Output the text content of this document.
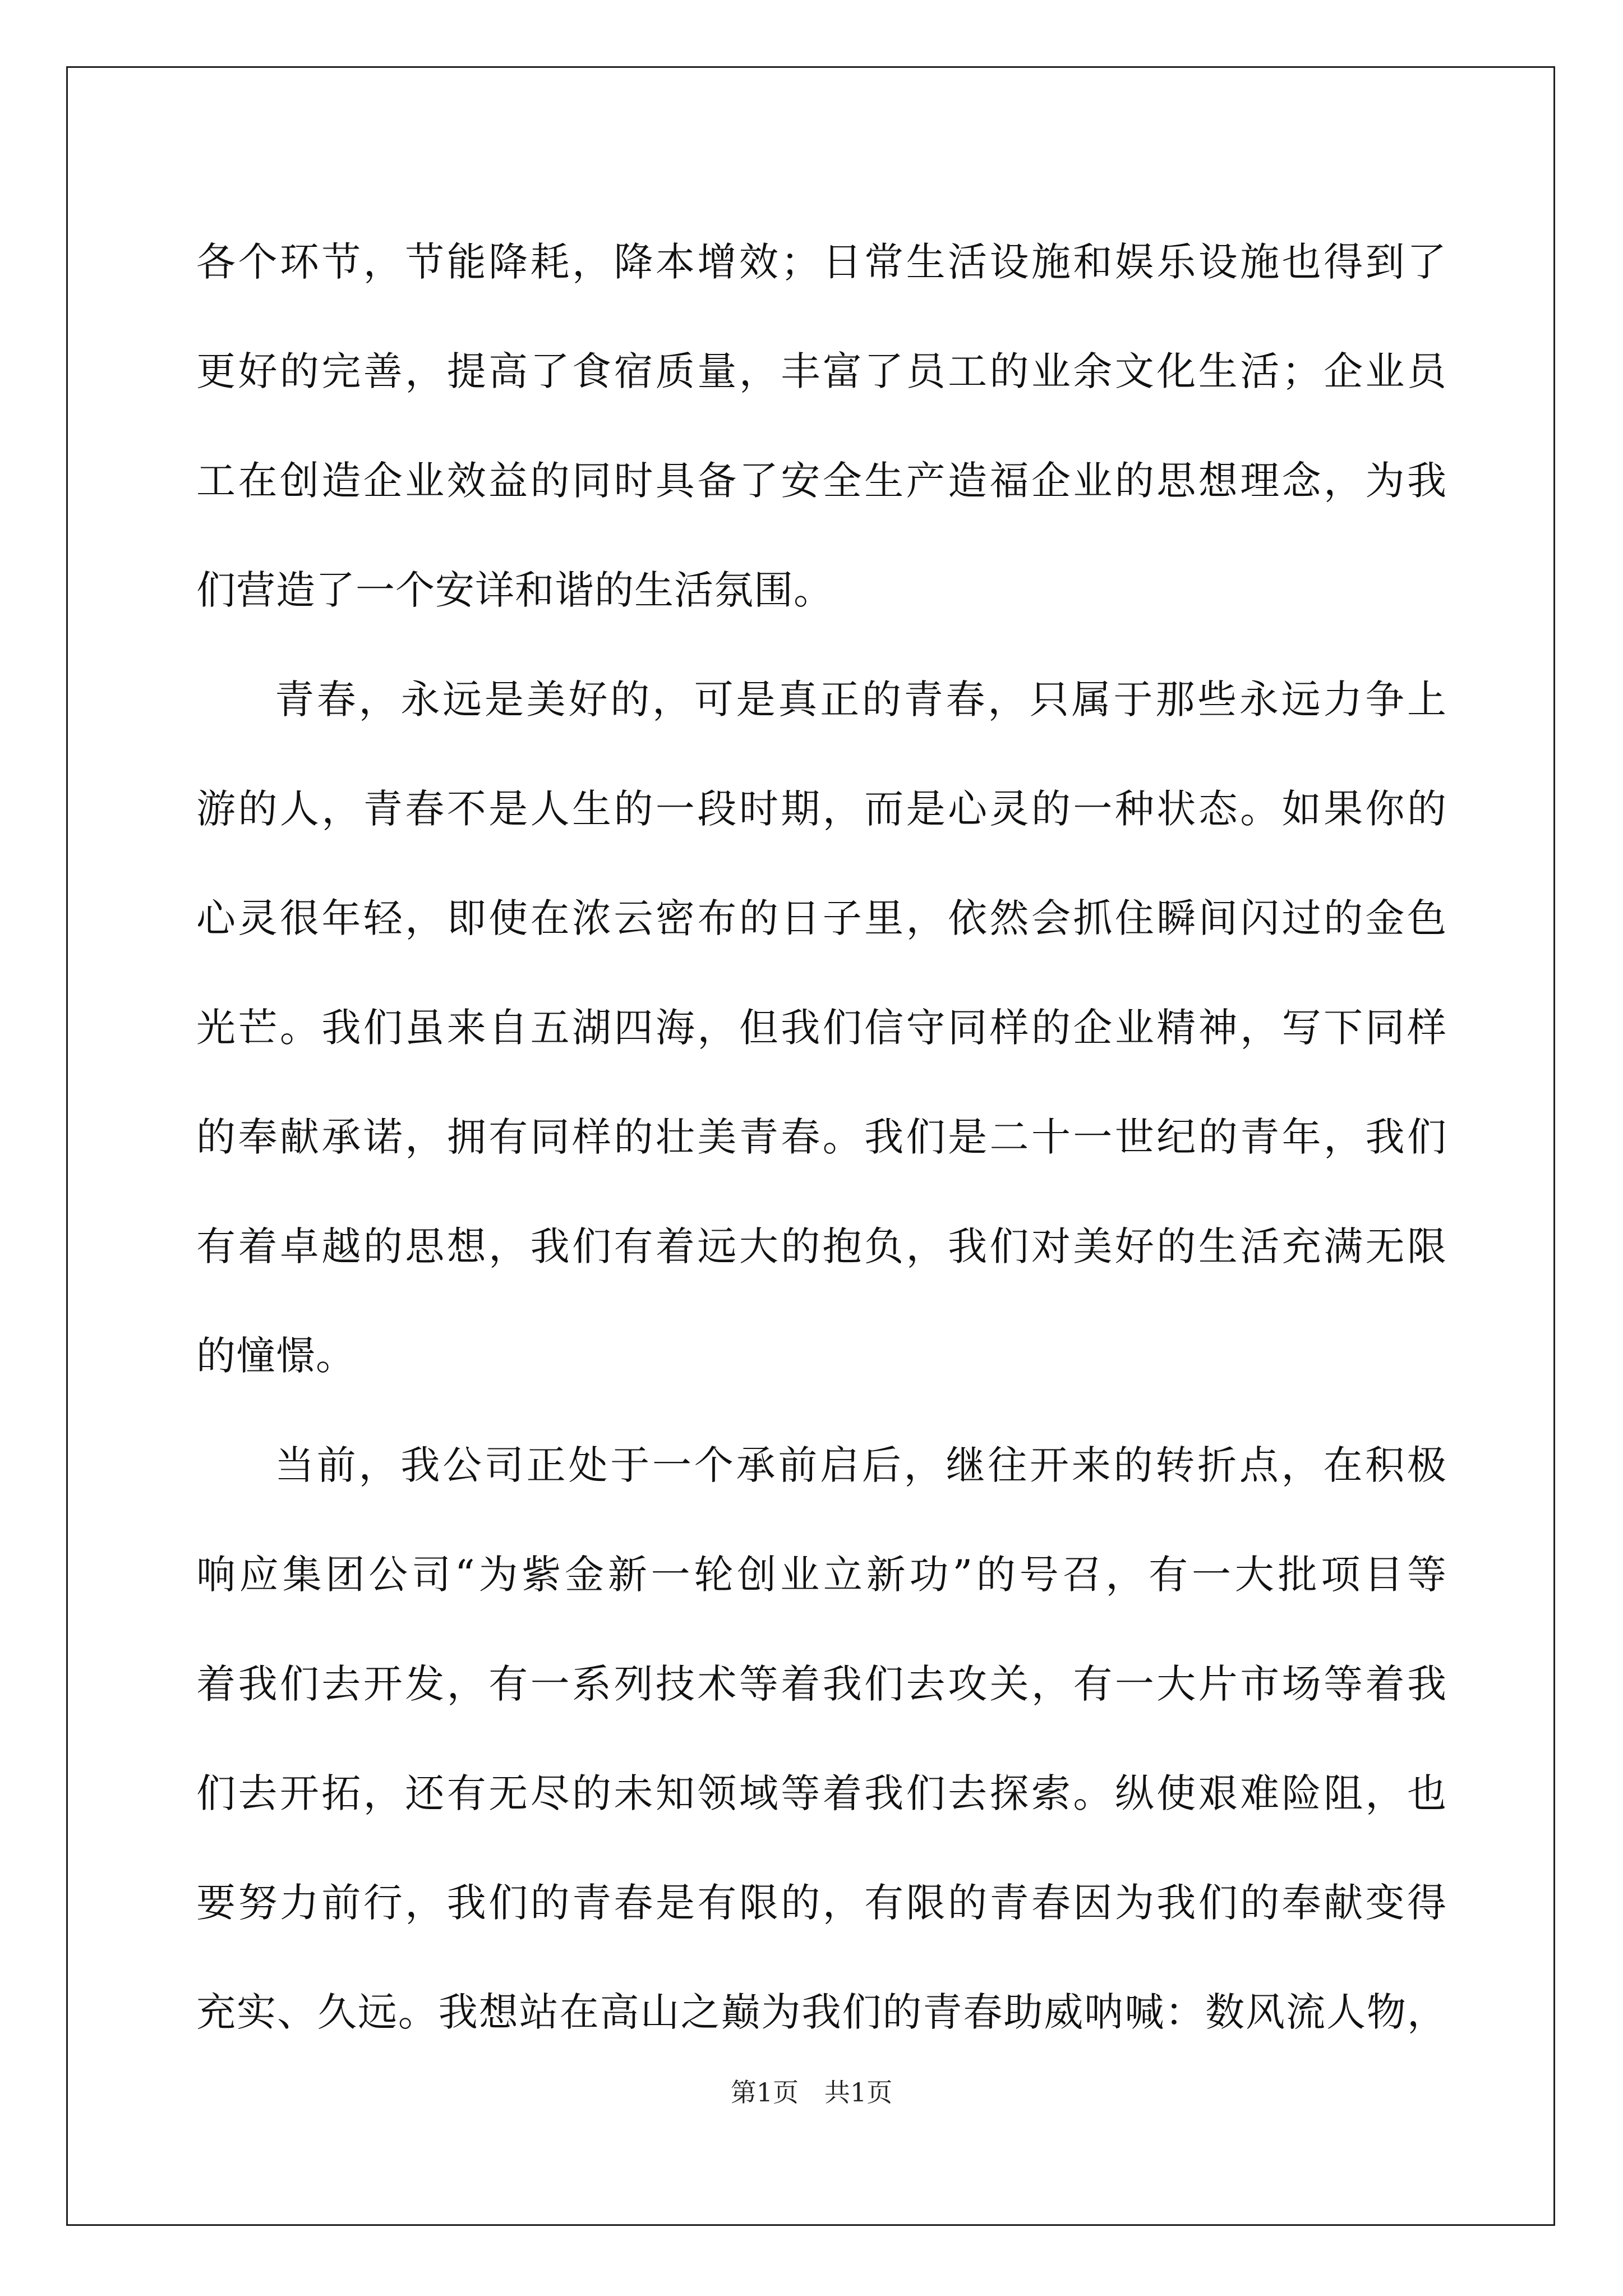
各个环节，节能降耗，降本增效；日常生活设施和娱乐设施也得到了
更好的完善，提高了食宿质量，丰富了员工的业余文化生活；企业员
工在创造企业效益的同时具备了安全生产造福企业的思想理念，为我
们营造了一个安详和谐的生活氛围。
青春，永远是美好的，可是真正的青春，只属于那些永远力争上
游的人，青春不是人生的一段时期，而是心灵的一种状态。如果你的
心灵很年轻，即使在浓云密布的日子里，依然会抓住瞬间闪过的金色
光芒。我们虽来自五湖四海，但我们信守同样的企业精神，写下同样
的奉献承诺，拥有同样的壮美青春。我们是二十一世纪的青年，我们
有着卓越的思想，我们有着远大的抱负，我们对美好的生活充满无限
的憧憬。
当前，我公司正处于一个承前启后，继往开来的转折点，在积极
响应集团公司“为紫金新一轮创业立新功”的号召，有一大批项目等
着我们去开发，有一系列技术等着我们去攻关，有一大片市场等着我
们去开拓，还有无尽的未知领域等着我们去探索。纵使艰难险阻，也
要努力前行，我们的青春是有限的，有限的青春因为我们的奉献变得
充实、久远。我想站在高山之巅为我们的青春助威呐喊：数风流人物，
第1页　共1页
